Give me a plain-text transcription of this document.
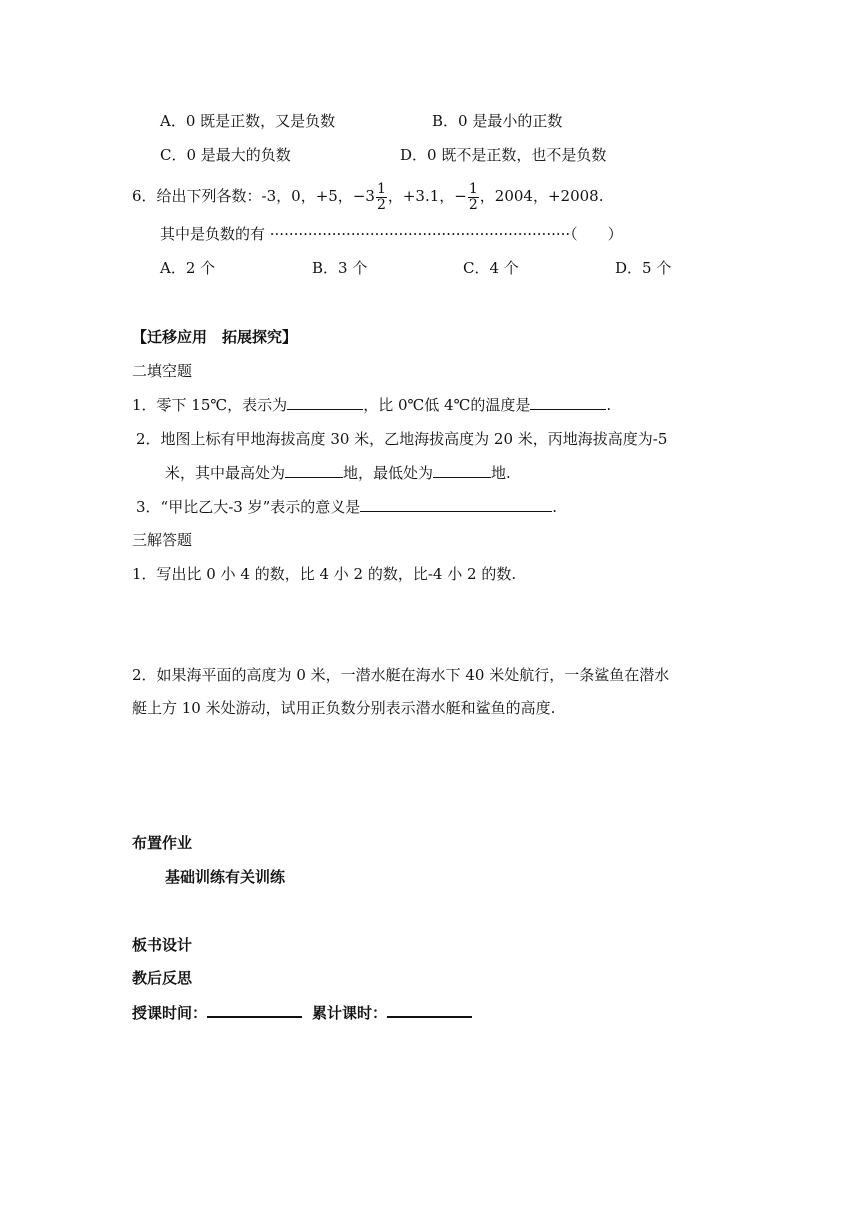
A．0 既是正数，又是负数	B．0 是最小的正数
C．0 是最大的负数	D．0 既不是正数，也不是负数
6．给出下列各数：-3，0，+5，$-3 \frac{1}{2}$ ，+3.1，− $\frac{1}{2}$ ，2004，+2008.
其中是负数的有 ·······························································（　　）
A．2 个	B．3 个	C．4 个	D．5 个
【迁移应用　拓展探究】
二填空题
1．零下 15℃，表示为	，比 0℃低 4℃的温度是	.
2．地图上标有甲地海拔高度 30 米，乙地海拔高度为 20 米，丙地海拔高度为-5
米，其中最高处为	地，最低处为	地.
3．“甲比乙大-3 岁”表示的意义是	.
三解答题
1．写出比 0 小 4 的数，比 4 小 2 的数，比-4 小 2 的数.
2．如果海平面的高度为 0 米，一潜水艇在海水下 40 米处航行，一条鲨鱼在潜水
艇上方 10 米处游动，试用正负数分别表示潜水艇和鲨鱼的高度.
布置作业
基础训练有关训练
板书设计
教后反思
授课时间：	累计课时：
